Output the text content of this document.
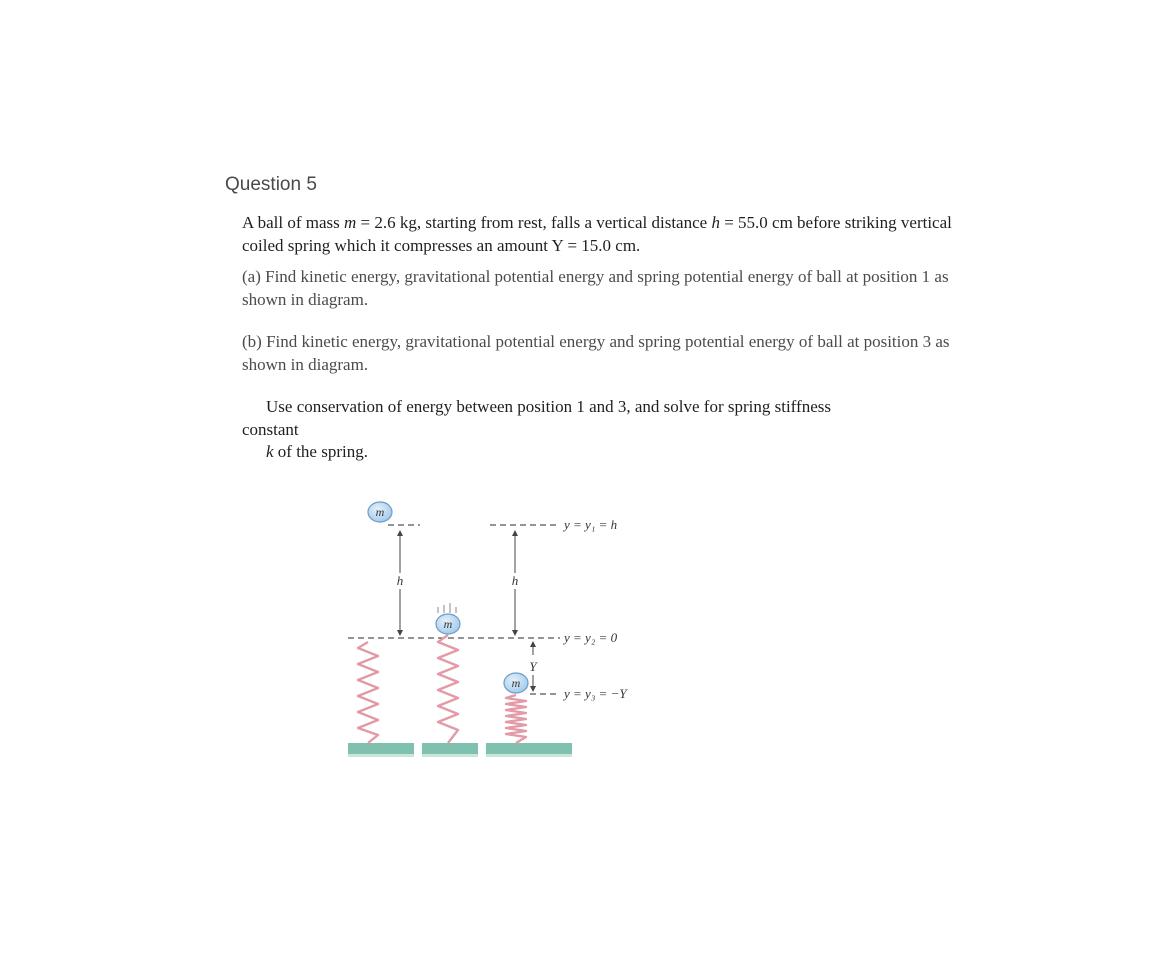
Question 5

A ball of mass m = 2.6 kg, starting from rest, falls a vertical distance h = 55.0 cm before striking vertical coiled spring which it compresses an amount Y = 15.0 cm.

(a) Find kinetic energy, gravitational potential energy and spring potential energy of ball at position 1 as shown in diagram.

(b) Find kinetic energy, gravitational potential energy and spring potential energy of ball at position 3 as shown in diagram.

Use conservation of energy between position 1 and 3, and solve for spring stiffness
constant
k of the spring.

m
m
m
h	h
Y
y = y₁ = h
y = y₂ = 0
y = y₃ = −Y
